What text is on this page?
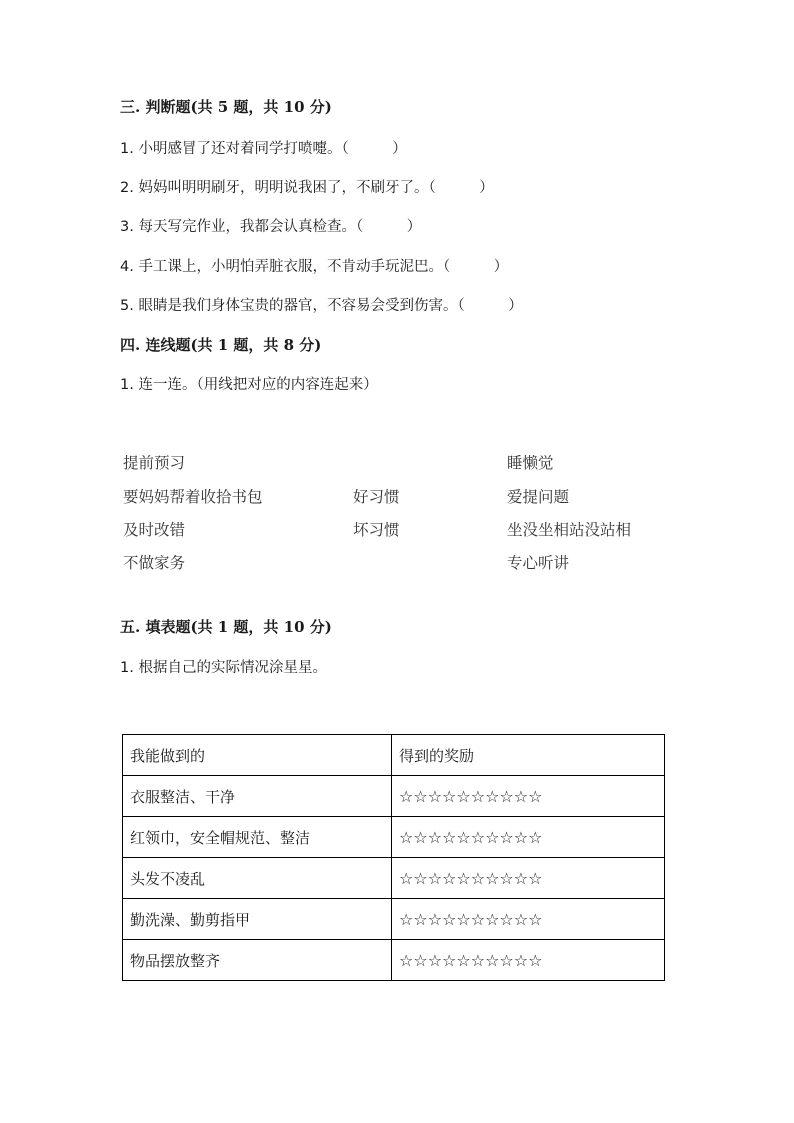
三. 判断题(共 5 题，共 10 分)
1. 小明感冒了还对着同学打喷嚏。（　　　）
2. 妈妈叫明明刷牙，明明说我困了，不刷牙了。（　　　）
3. 每天写完作业，我都会认真检查。（　　　）
4. 手工课上，小明怕弄脏衣服，不肯动手玩泥巴。（　　　）
5. 眼睛是我们身体宝贵的器官，不容易会受到伤害。（　　　）
四. 连线题(共 1 题，共 8 分)
1. 连一连。（用线把对应的内容连起来）
提前预习
要妈妈帮着收拾书包
及时改错
不做家务
好习惯
坏习惯
睡懒觉
爱提问题
坐没坐相站没站相
专心听讲
五. 填表题(共 1 题，共 10 分)
1. 根据自己的实际情况涂星星。
我能做到的	得到的奖励
衣服整洁、干净	☆☆☆☆☆☆☆☆☆☆
红领巾，安全帽规范、整洁	☆☆☆☆☆☆☆☆☆☆
头发不凌乱	☆☆☆☆☆☆☆☆☆☆
勤洗澡、勤剪指甲	☆☆☆☆☆☆☆☆☆☆
物品摆放整齐	☆☆☆☆☆☆☆☆☆☆
